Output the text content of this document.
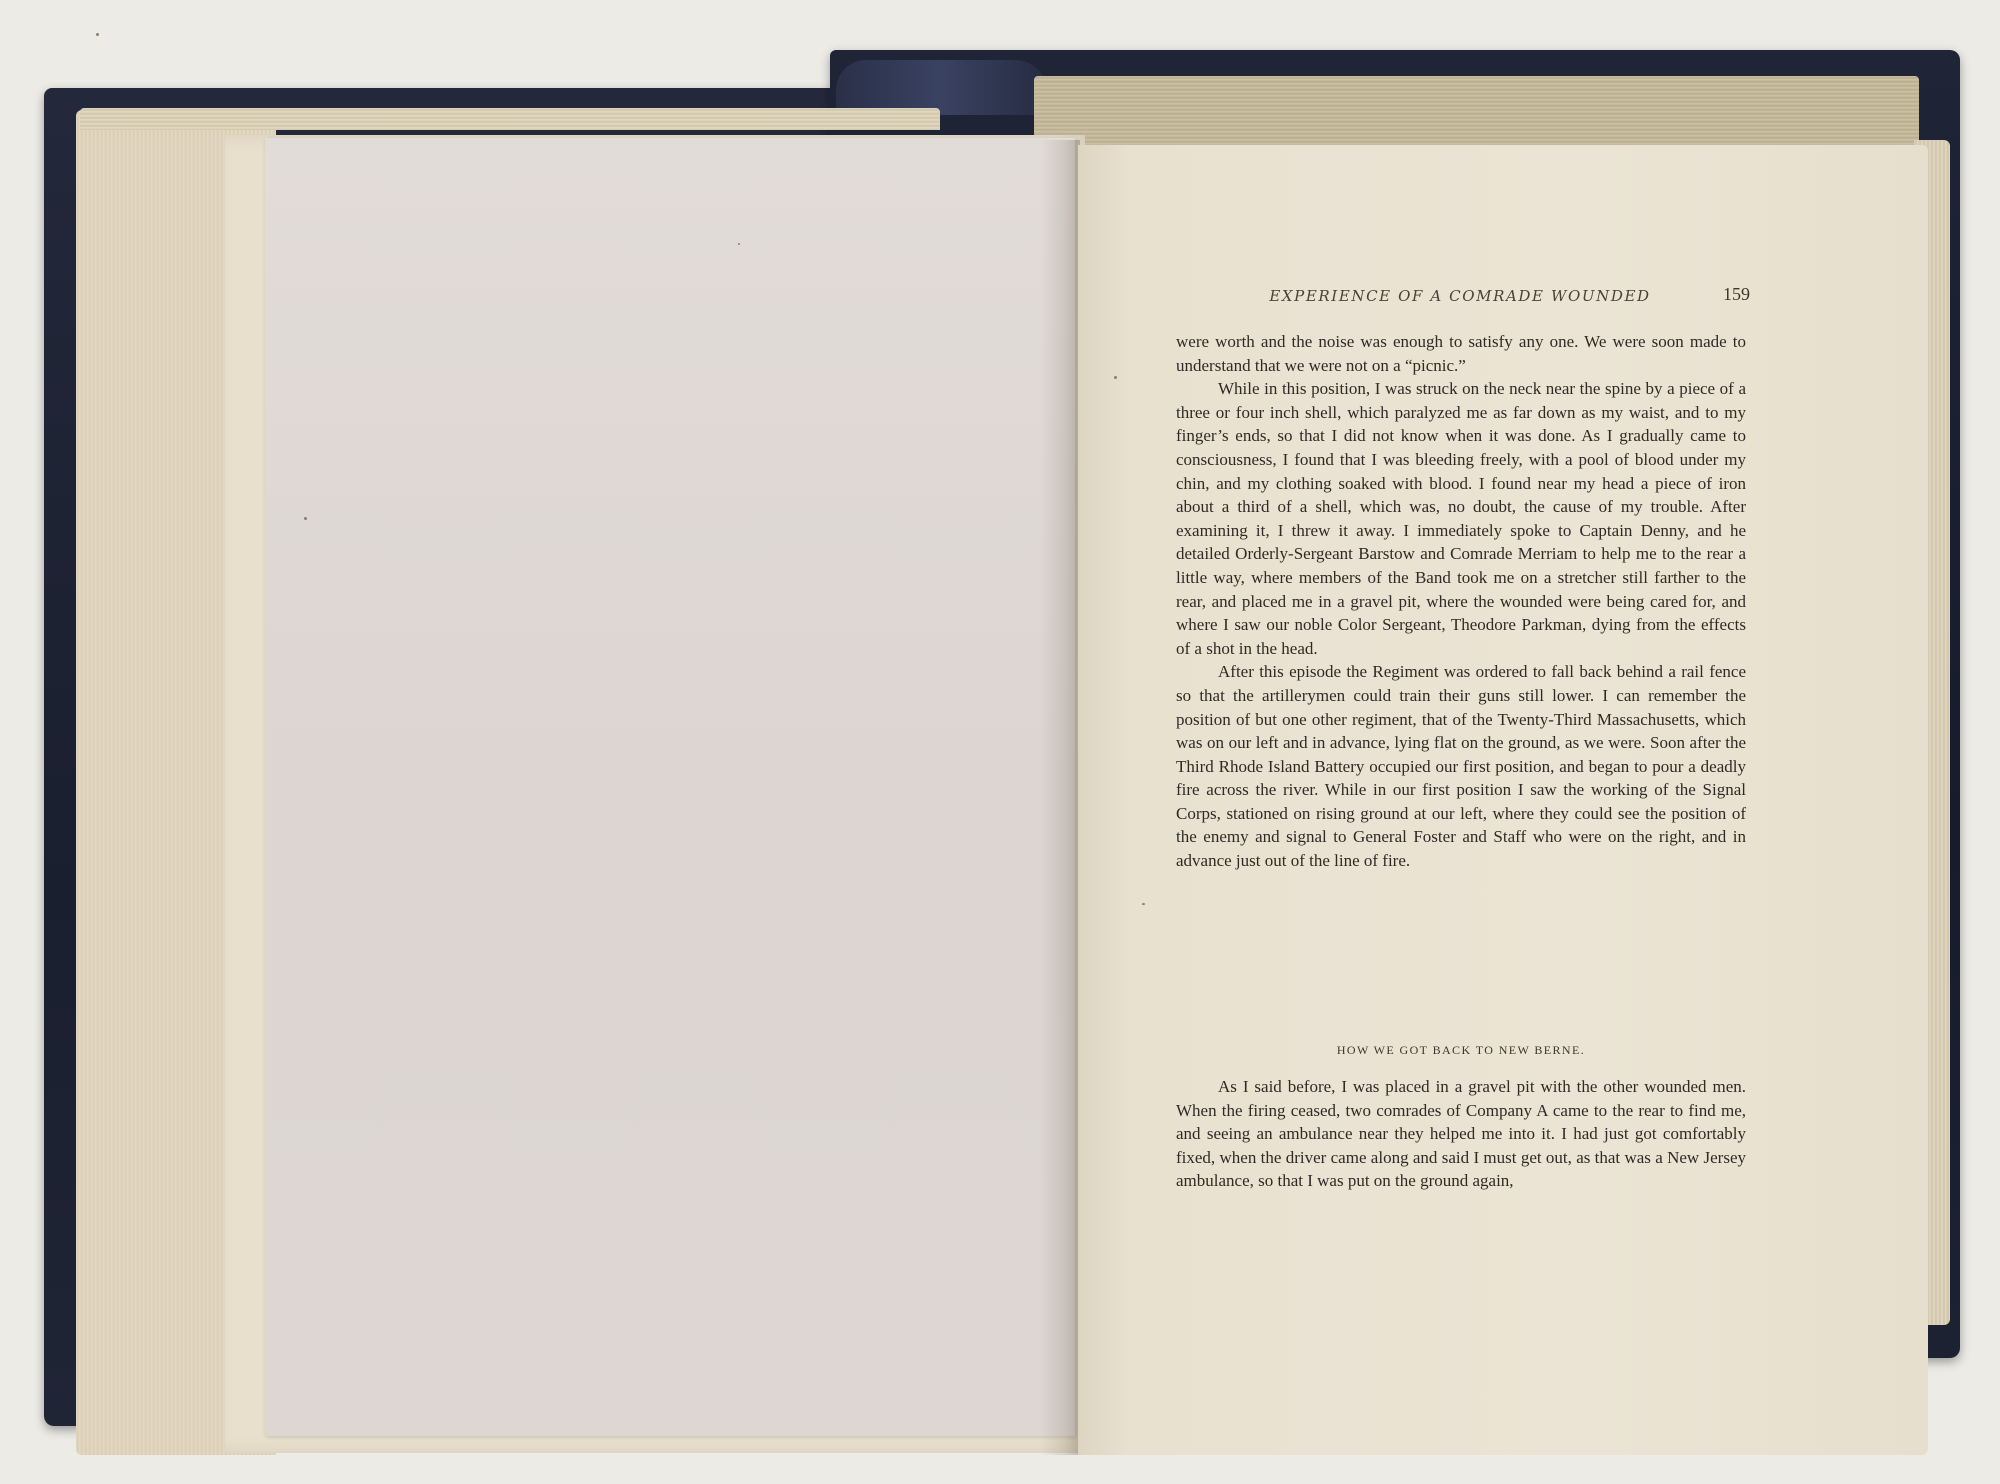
EXPERIENCE OF A COMRADE WOUNDED	159

were worth and the noise was enough to satisfy any one. We were soon made to understand that we were not on a “picnic.”

While in this position, I was struck on the neck near the spine by a piece of a three or four inch shell, which paralyzed me as far down as my waist, and to my finger’s ends, so that I did not know when it was done. As I gradually came to consciousness, I found that I was bleeding freely, with a pool of blood under my chin, and my clothing soaked with blood. I found near my head a piece of iron about a third of a shell, which was, no doubt, the cause of my trouble. After examining it, I threw it away. I immediately spoke to Captain Denny, and he detailed Orderly-Sergeant Barstow and Comrade Merriam to help me to the rear a little way, where members of the Band took me on a stretcher still farther to the rear, and placed me in a gravel pit, where the wounded were being cared for, and where I saw our noble Color Sergeant, Theodore Parkman, dying from the effects of a shot in the head.

After this episode the Regiment was ordered to fall back behind a rail fence so that the artillerymen could train their guns still lower. I can remember the position of but one other regiment, that of the Twenty-Third Massachusetts, which was on our left and in advance, lying flat on the ground, as we were. Soon after the Third Rhode Island Battery occupied our first position, and began to pour a deadly fire across the river. While in our first position I saw the working of the Signal Corps, stationed on rising ground at our left, where they could see the position of the enemy and signal to General Foster and Staff who were on the right, and in advance just out of the line of fire.

HOW WE GOT BACK TO NEW BERNE.

As I said before, I was placed in a gravel pit with the other wounded men. When the firing ceased, two comrades of Company A came to the rear to find me, and seeing an ambulance near they helped me into it. I had just got comfortably fixed, when the driver came along and said I must get out, as that was a New Jersey ambulance, so that I was put on the ground again,
